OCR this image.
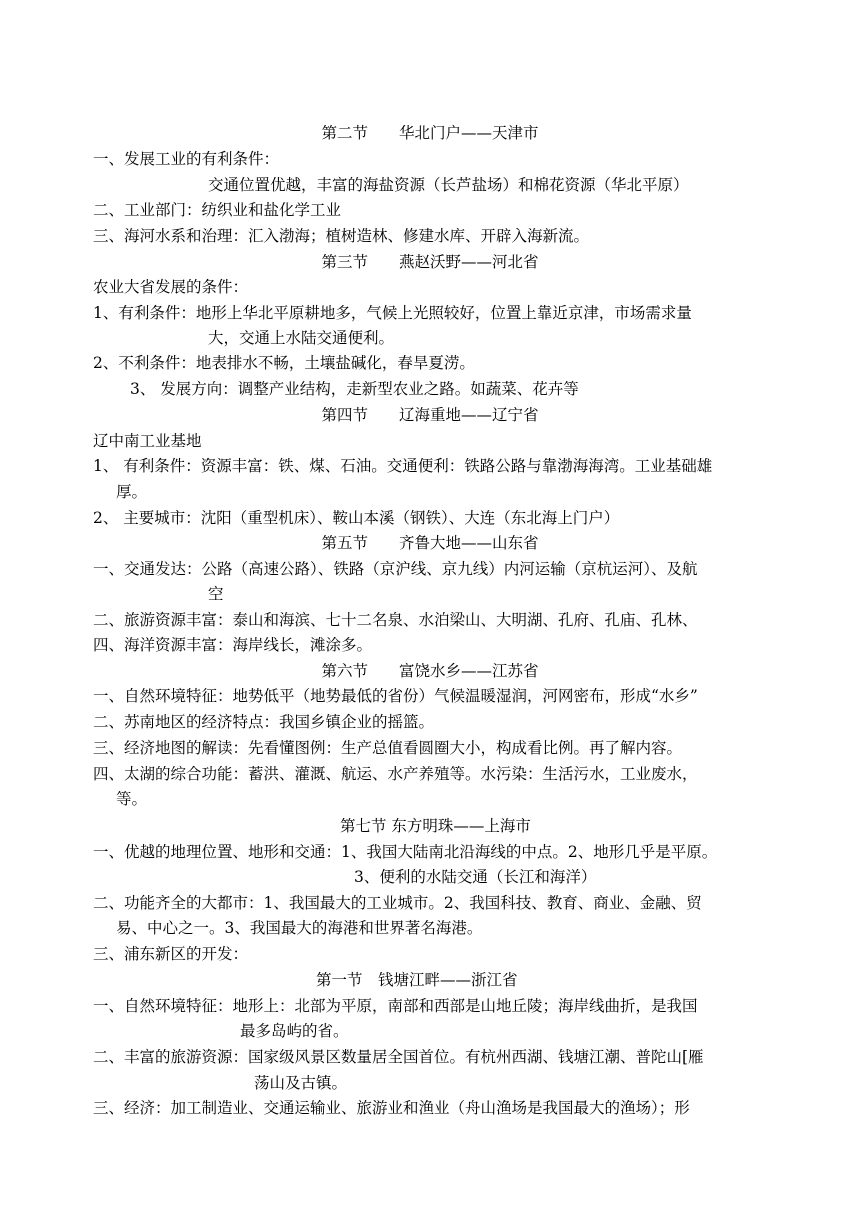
第二节　　华北门户——天津市
一、发展工业的有利条件：
交通位置优越，丰富的海盐资源（长芦盐场）和棉花资源（华北平原）
二、工业部门：纺织业和盐化学工业
三、海河水系和治理：汇入渤海；植树造林、修建水库、开辟入海新流。
第三节　　燕赵沃野——河北省
农业大省发展的条件：
1、有利条件：地形上华北平原耕地多，气候上光照较好，位置上靠近京津，市场需求量
大，交通上水陆交通便利。
2、不利条件：地表排水不畅，土壤盐碱化，春旱夏涝。
3、 发展方向：调整产业结构，走新型农业之路。如蔬菜、花卉等
第四节　　辽海重地——辽宁省
辽中南工业基地
1、 有利条件：资源丰富：铁、煤、石油。交通便利：铁路公路与靠渤海海湾。工业基础雄
厚。
2、 主要城市：沈阳（重型机床）、鞍山本溪（钢铁）、大连（东北海上门户）
第五节　　齐鲁大地——山东省
一、交通发达：公路（高速公路）、铁路（京沪线、京九线）内河运输（京杭运河）、及航
空
二、旅游资源丰富：泰山和海滨、七十二名泉、水泊梁山、大明湖、孔府、孔庙、孔林、
四、海洋资源丰富：海岸线长，滩涂多。
第六节　　富饶水乡——江苏省
一、自然环境特征：地势低平（地势最低的省份）气候温暖湿润，河网密布，形成“水乡”
二、苏南地区的经济特点：我国乡镇企业的摇篮。
三、经济地图的解读：先看懂图例：生产总值看圆圈大小，构成看比例。再了解内容。
四、太湖的综合功能：蓄洪、灌溉、航运、水产养殖等。水污染：生活污水，工业废水，
等。
第七节 东方明珠——上海市
一、优越的地理位置、地形和交通：1、我国大陆南北沿海线的中点。2、地形几乎是平原。
3、便利的水陆交通（长江和海洋）
二、功能齐全的大都市：1、我国最大的工业城市。2、我国科技、教育、商业、金融、贸
易、中心之一。3、我国最大的海港和世界著名海港。
三、浦东新区的开发：
第一节　钱塘江畔——浙江省
一、自然环境特征：地形上：北部为平原，南部和西部是山地丘陵；海岸线曲折，是我国
最多岛屿的省。
二、丰富的旅游资源：国家级风景区数量居全国首位。有杭州西湖、钱塘江潮、普陀山[雁
荡山及古镇。
三、经济：加工制造业、交通运输业、旅游业和渔业（舟山渔场是我国最大的渔场）；形
